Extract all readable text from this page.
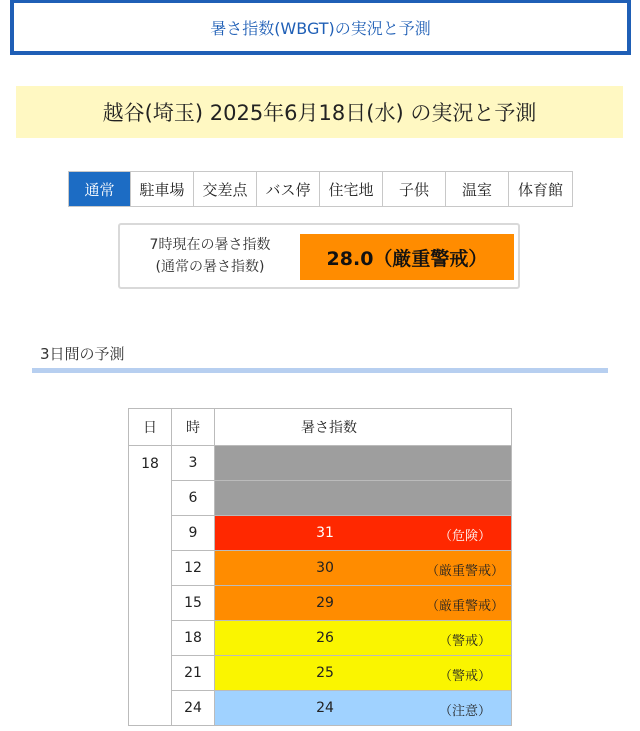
暑さ指数(WBGT)の実況と予測
越谷(埼玉) 2025年6月18日(水) の実況と予測
通常	駐車場	交差点	バス停	住宅地	子供	温室	体育館
7時現在の暑さ指数
(通常の暑さ指数)	28.0（厳重警戒）
3日間の予測
日	時	暑さ指数
18	3	

	6	

	9	31 （危険）

	12	30 （厳重警戒）

	15	29 （厳重警戒）

	18	26 （警戒）

	21	25 （警戒）

	24	24 （注意）
